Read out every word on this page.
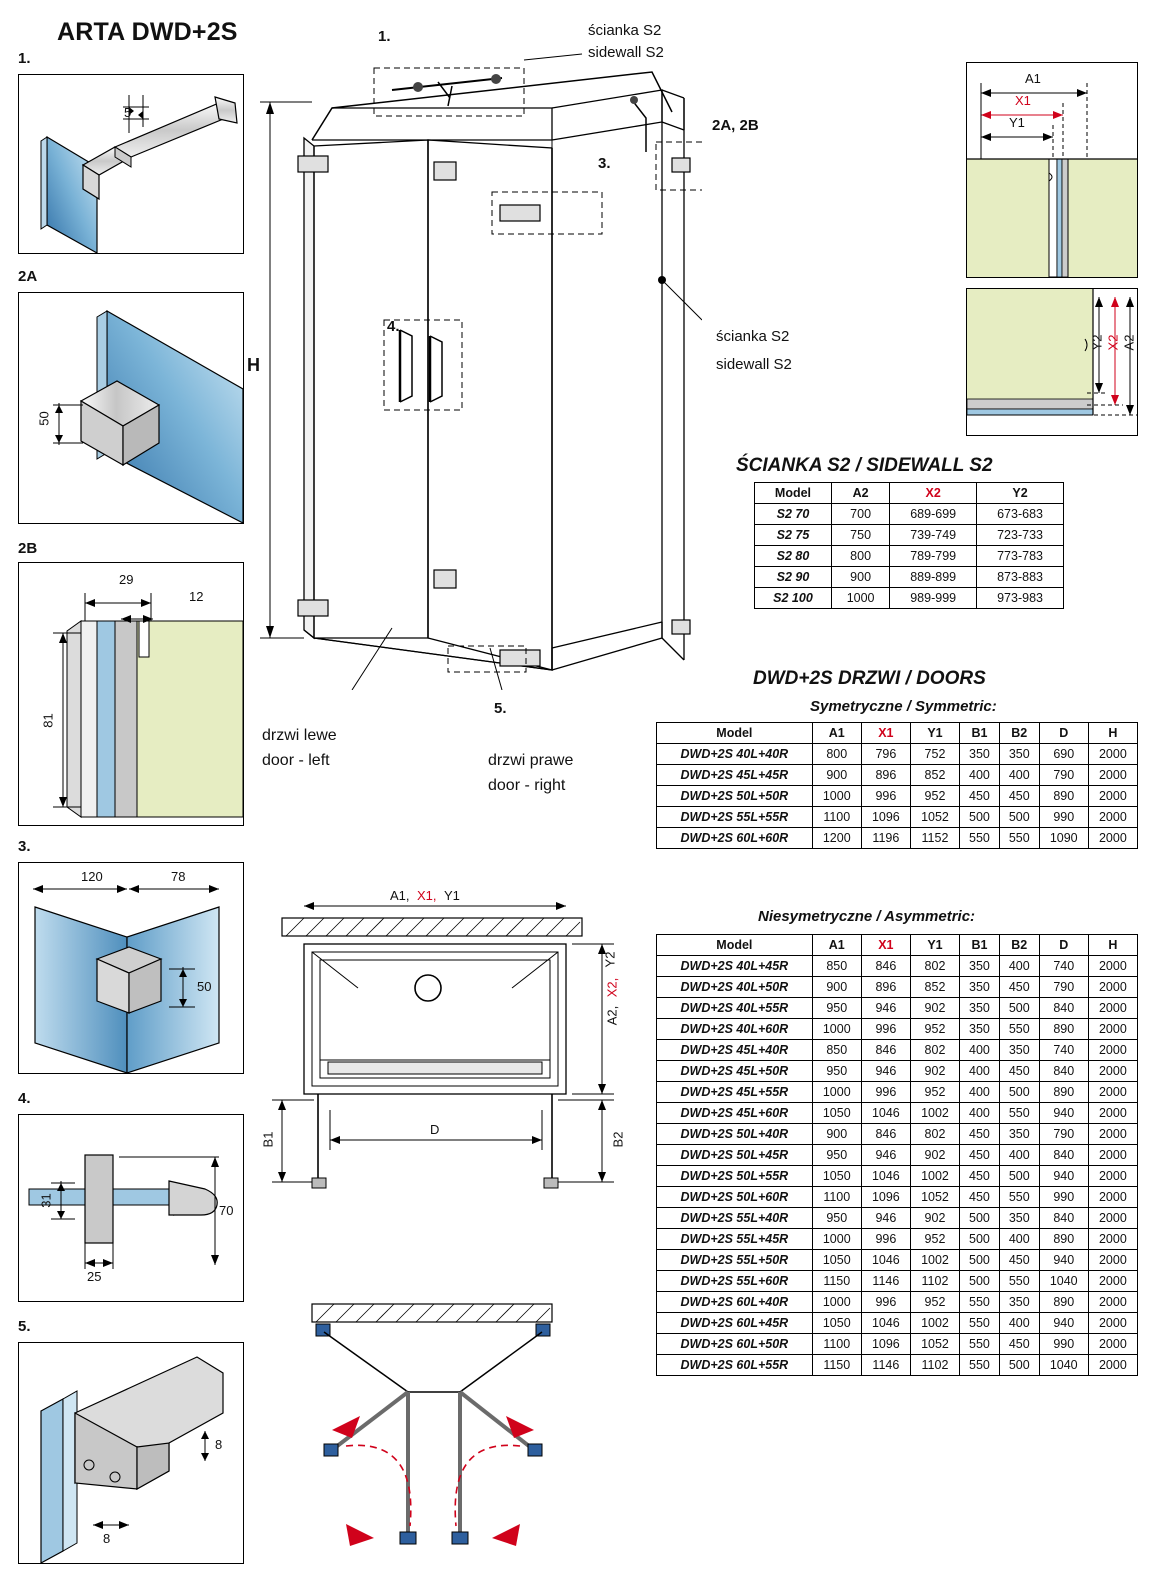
ARTA DWD+2S
1.
5
2A
50
2B
29
12
81
3.
120	78
50
4.
31
25
70
5.
8
8
1.	ścianka S2
sidewall S2
2A, 2B
3.
4.
5.
ścianka S2
sidewall S2
H
drzwi lewe
door - left	drzwi prawe
door - right
A1
X1
Y1
Y2 X2 A2
A1, X1, Y1
A2,
X2,
Y2
B1	B2
D
ŚCIANKA S2 / SIDEWALL S2
Model	A2	X2	Y2
S2 70	700	689-699	673-683
S2 75	750	739-749	723-733
S2 80	800	789-799	773-783
S2 90	900	889-899	873-883
S2 100	1000	989-999	973-983
DWD+2S DRZWI / DOORS
Symetryczne / Symmetric:
Model	A1	X1	Y1	B1	B2	D	H
DWD+2S 40L+40R	800	796	752	350	350	690	2000
DWD+2S 45L+45R	900	896	852	400	400	790	2000
DWD+2S 50L+50R	1000	996	952	450	450	890	2000
DWD+2S 55L+55R	1100	1096	1052	500	500	990	2000
DWD+2S 60L+60R	1200	1196	1152	550	550	1090	2000
Niesymetryczne / Asymmetric:
Model	A1	X1	Y1	B1	B2	D	H
DWD+2S 40L+45R	850	846	802	350	400	740	2000
DWD+2S 40L+50R	900	896	852	350	450	790	2000
DWD+2S 40L+55R	950	946	902	350	500	840	2000
DWD+2S 40L+60R	1000	996	952	350	550	890	2000
DWD+2S 45L+40R	850	846	802	400	350	740	2000
DWD+2S 45L+50R	950	946	902	400	450	840	2000
DWD+2S 45L+55R	1000	996	952	400	500	890	2000
DWD+2S 45L+60R	1050	1046	1002	400	550	940	2000
DWD+2S 50L+40R	900	846	802	450	350	790	2000
DWD+2S 50L+45R	950	946	902	450	400	840	2000
DWD+2S 50L+55R	1050	1046	1002	450	500	940	2000
DWD+2S 50L+60R	1100	1096	1052	450	550	990	2000
DWD+2S 55L+40R	950	946	902	500	350	840	2000
DWD+2S 55L+45R	1000	996	952	500	400	890	2000
DWD+2S 55L+50R	1050	1046	1002	500	450	940	2000
DWD+2S 55L+60R	1150	1146	1102	500	550	1040	2000
DWD+2S 60L+40R	1000	996	952	550	350	890	2000
DWD+2S 60L+45R	1050	1046	1002	550	400	940	2000
DWD+2S 60L+50R	1100	1096	1052	550	450	990	2000
DWD+2S 60L+55R	1150	1146	1102	550	500	1040	2000
